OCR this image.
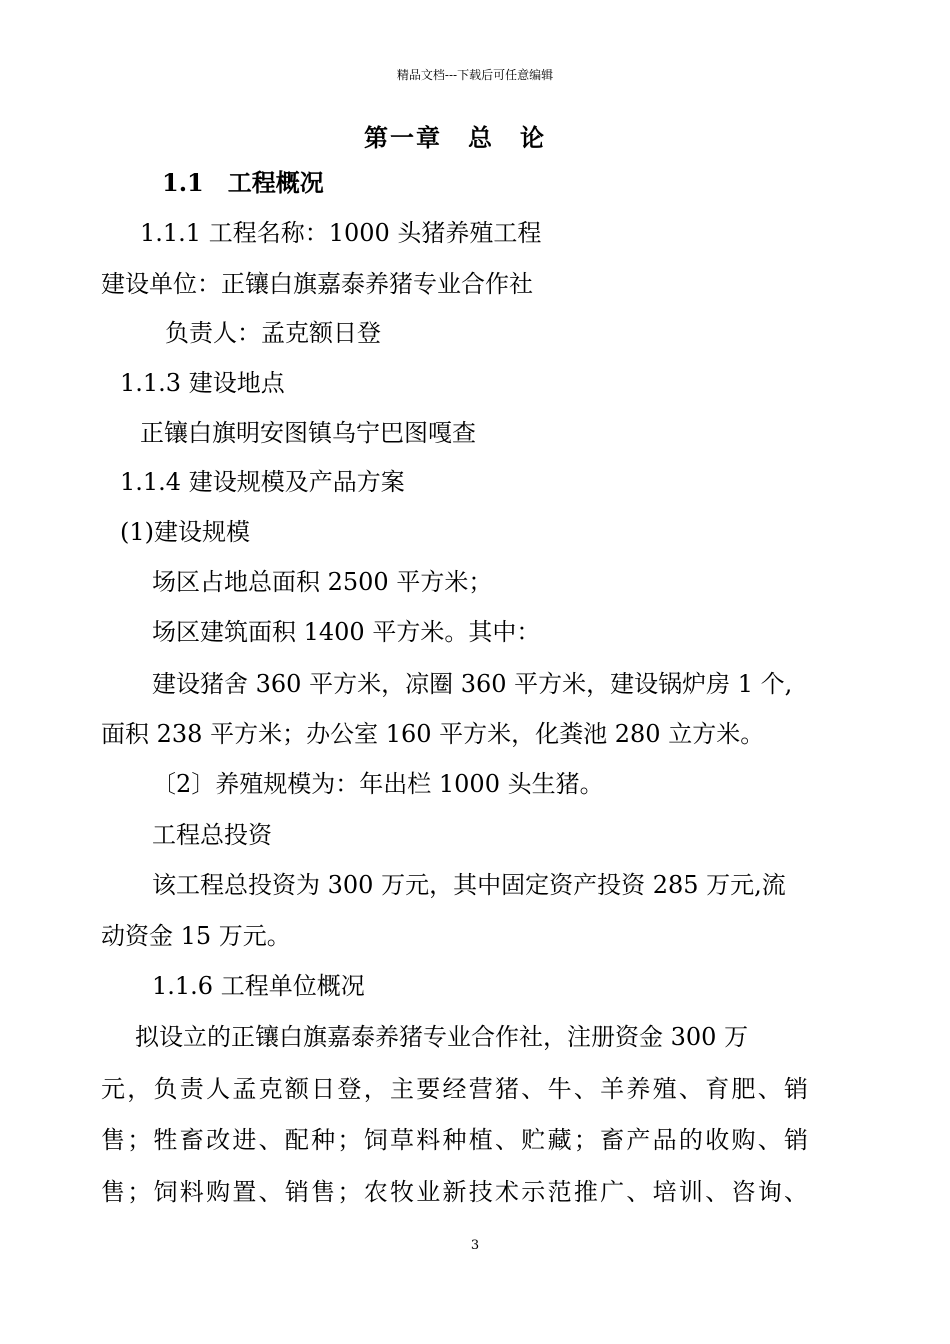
精品文档---下载后可任意编辑
第一章　总　论
1.1　工程概况
1.1.1 工程名称：1000 头猪养殖工程
建设单位：正镶白旗嘉泰养猪专业合作社
负责人：孟克额日登
1.1.3 建设地点
正镶白旗明安图镇乌宁巴图嘎查
1.1.4 建设规模及产品方案
(1)建设规模
场区占地总面积 2500 平方米；
场区建筑面积 1400 平方米。其中：
建设猪舍 360 平方米，凉圈 360 平方米，建设锅炉房 1 个,
面积 238 平方米；办公室 160 平方米，化粪池 280 立方米。
〔2〕养殖规模为：年出栏 1000 头生猪。
工程总投资
该工程总投资为 300 万元，其中固定资产投资 285 万元,流
动资金 15 万元。
1.1.6 工程单位概况
拟设立的正镶白旗嘉泰养猪专业合作社，注册资金 300 万
元，负责人孟克额日登，主要经营猪、牛、羊养殖、育肥、销
售；牲畜改进、配种；饲草料种植、贮藏；畜产品的收购、销
售；饲料购置、销售；农牧业新技术示范推广、培训、咨询、
3
